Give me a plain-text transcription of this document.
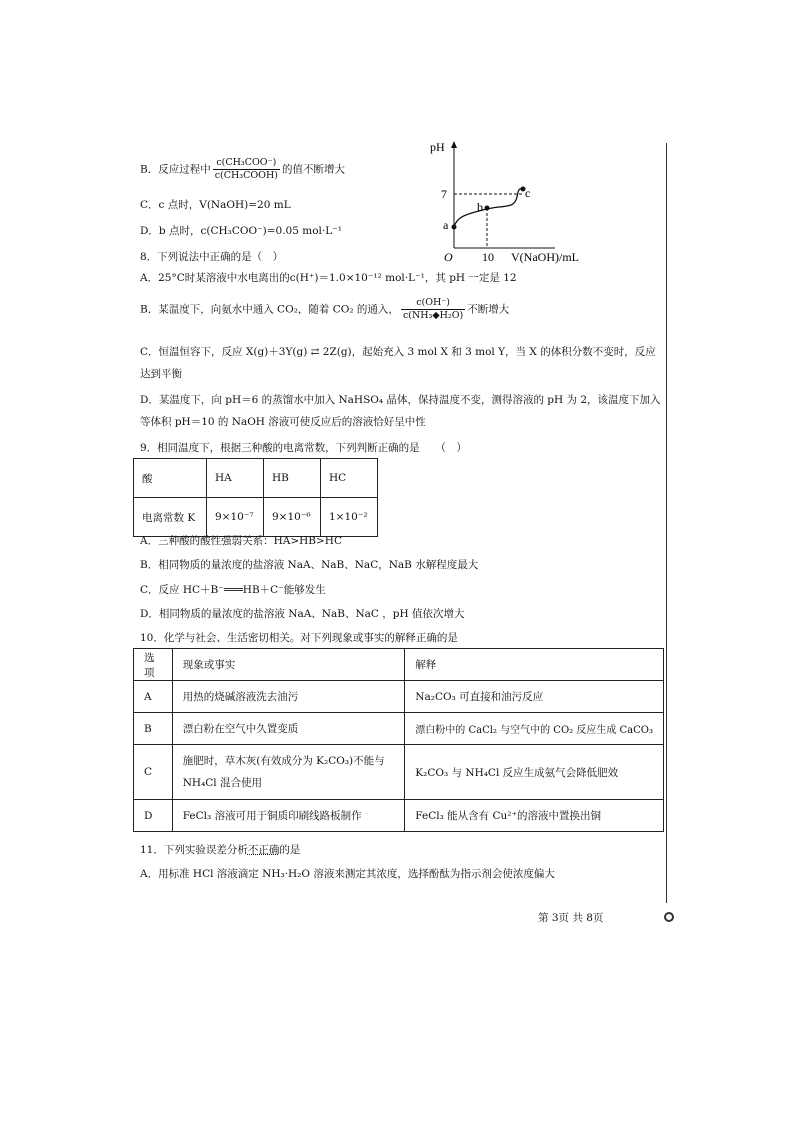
B．反应过程中 $\frac{\text{c(CH₃COO⁻)}}{\text{c(CH₃COOH)}}$ 的值不断增大
C．c 点时，V(NaOH)=20 mL
D．b 点时，c(CH₃COO⁻)=0.05 mol·L⁻¹
pH
7
a
b
c
O 10 V(NaOH)/mL
8．下列说法中正确的是（　）
A．25°C时某溶液中水电离出的c(H⁺)＝1.0×10⁻¹² mol·L⁻¹，其 pH 一定是 12
B．某温度下，向氨水中通入 CO₂，随着 CO₂ 的通入， $\frac{c(OH^-)}{\text{c(NH₃◆H₂O)}}$ 不断增大
C．恒温恒容下，反应 X(g)＋3Y(g) ⇄ 2Z(g)，起始充入 3 mol X 和 3 mol Y，当 X 的体积分数不变时，反应
达到平衡
D．某温度下，向 pH＝6 的蒸馏水中加入 NaHSO₄ 晶体，保持温度不变，测得溶液的 pH 为 2，该温度下加入
等体积 pH＝10 的 NaOH 溶液可使反应后的溶液恰好呈中性
9．相同温度下，根据三种酸的电离常数，下列判断正确的是　　（　）
酸	HA	HB	HC
电离常数 K	9×10⁻⁷	9×10⁻⁶	1×10⁻²
A．三种酸的酸性强弱关系：HA>HB>HC
B．相同物质的量浓度的盐溶液 NaA、NaB、NaC，NaB 水解程度最大
C．反应 HC＋B⁻═══HB＋C⁻能够发生
D．相同物质的量浓度的盐溶液 NaA、NaB、NaC ，pH 值依次增大
10．化学与社会、生活密切相关。对下列现象或事实的解释正确的是
选项	现象或事实	解释
A	用热的烧碱溶液洗去油污	Na₂CO₃ 可直接和油污反应
B	漂白粉在空气中久置变质	漂白粉中的 CaCl₂ 与空气中的 CO₂ 反应生成 CaCO₃
C	施肥时，草木灰(有效成分为 K₂CO₃)不能与
NH₄Cl 混合使用	K₂CO₃ 与 NH₄Cl 反应生成氨气会降低肥效
D	FeCl₃ 溶液可用于铜质印刷线路板制作	FeCl₃ 能从含有 Cu²⁺的溶液中置换出铜
11．下列实验误差分析不正确的是
A．用标准 HCl 溶液滴定 NH₃·H₂O 溶液来测定其浓度，选择酚酞为指示剂会使浓度偏大
第 3页 共 8页
